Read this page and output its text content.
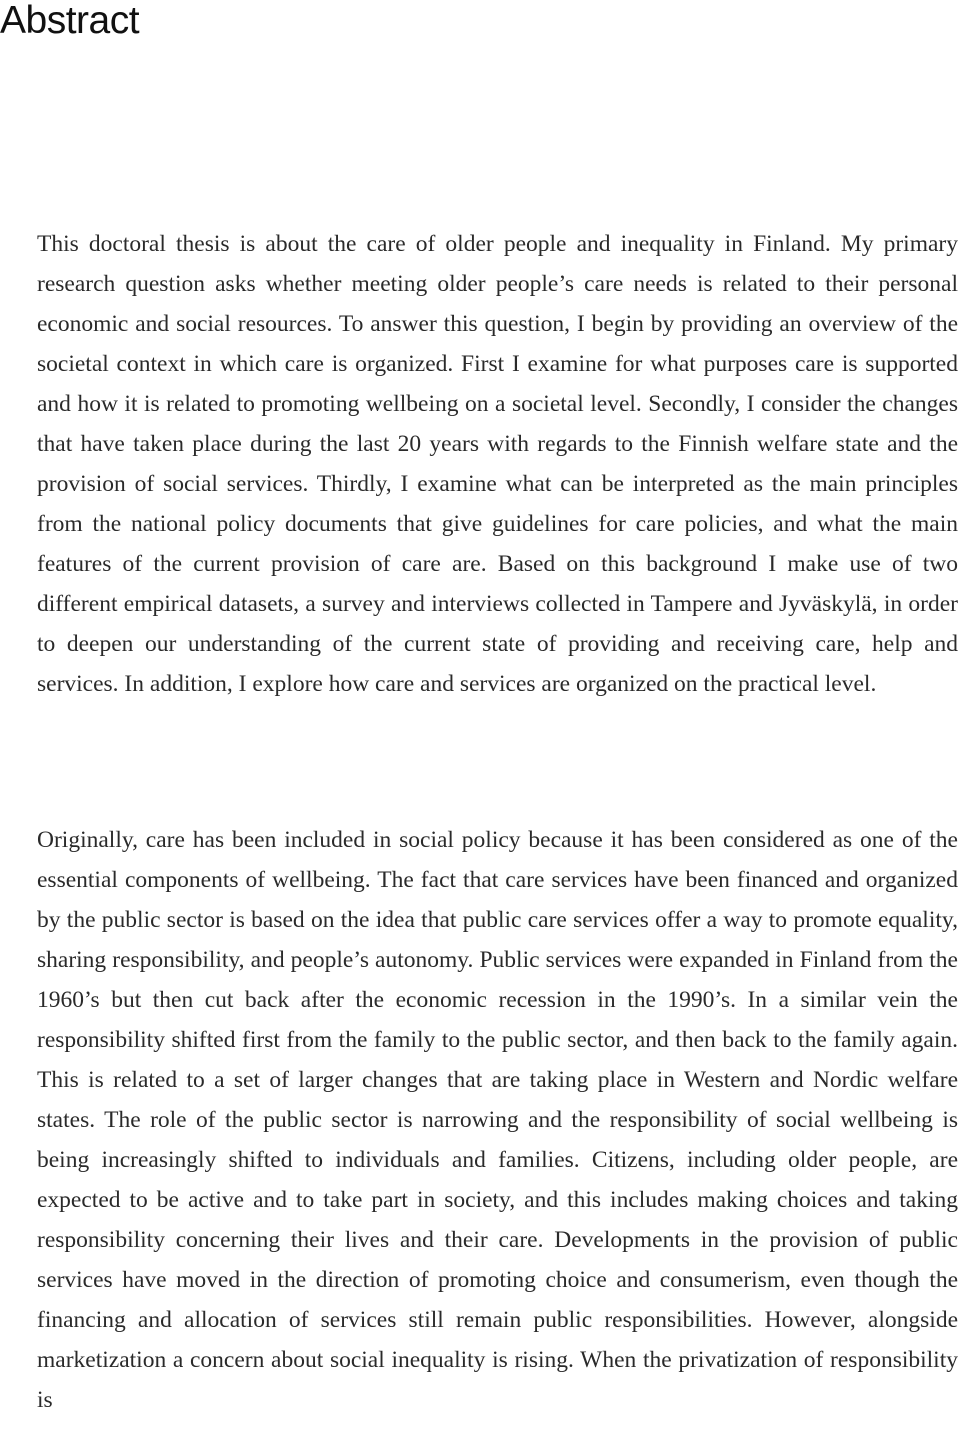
Abstract

This doctoral thesis is about the care of older people and inequality in Finland. My primary research question asks whether meeting older people’s care needs is related to their personal economic and social resources. To answer this question, I begin by providing an overview of the societal context in which care is organized. First I examine for what purposes care is supported and how it is related to promoting wellbeing on a societal level. Secondly, I consider the changes that have taken place during the last 20 years with regards to the Finnish welfare state and the provision of social services. Thirdly, I examine what can be interpreted as the main principles from the national policy documents that give guidelines for care policies, and what the main features of the current provision of care are. Based on this background I make use of two different empirical datasets, a survey and interviews collected in Tampere and Jyväskylä, in order to deepen our understanding of the current state of providing and receiving care, help and services. In addition, I explore how care and services are organized on the practical level.

Originally, care has been included in social policy because it has been considered as one of the essential components of wellbeing. The fact that care services have been financed and organized by the public sector is based on the idea that public care services offer a way to promote equality, sharing responsibility, and people’s autonomy. Public services were expanded in Finland from the 1960’s but then cut back after the economic recession in the 1990’s. In a similar vein the responsibility shifted first from the family to the public sector, and then back to the family again. This is related to a set of larger changes that are taking place in Western and Nordic welfare states. The role of the public sector is narrowing and the responsibility of social wellbeing is being increasingly shifted to individuals and families. Citizens, including older people, are expected to be active and to take part in society, and this includes making choices and taking responsibility concerning their lives and their care. Developments in the provision of public services have moved in the direction of promoting choice and consumerism, even though the financing and allocation of services still remain public responsibilities. However, alongside marketization a concern about social inequality is rising. When the privatization of responsibility is
